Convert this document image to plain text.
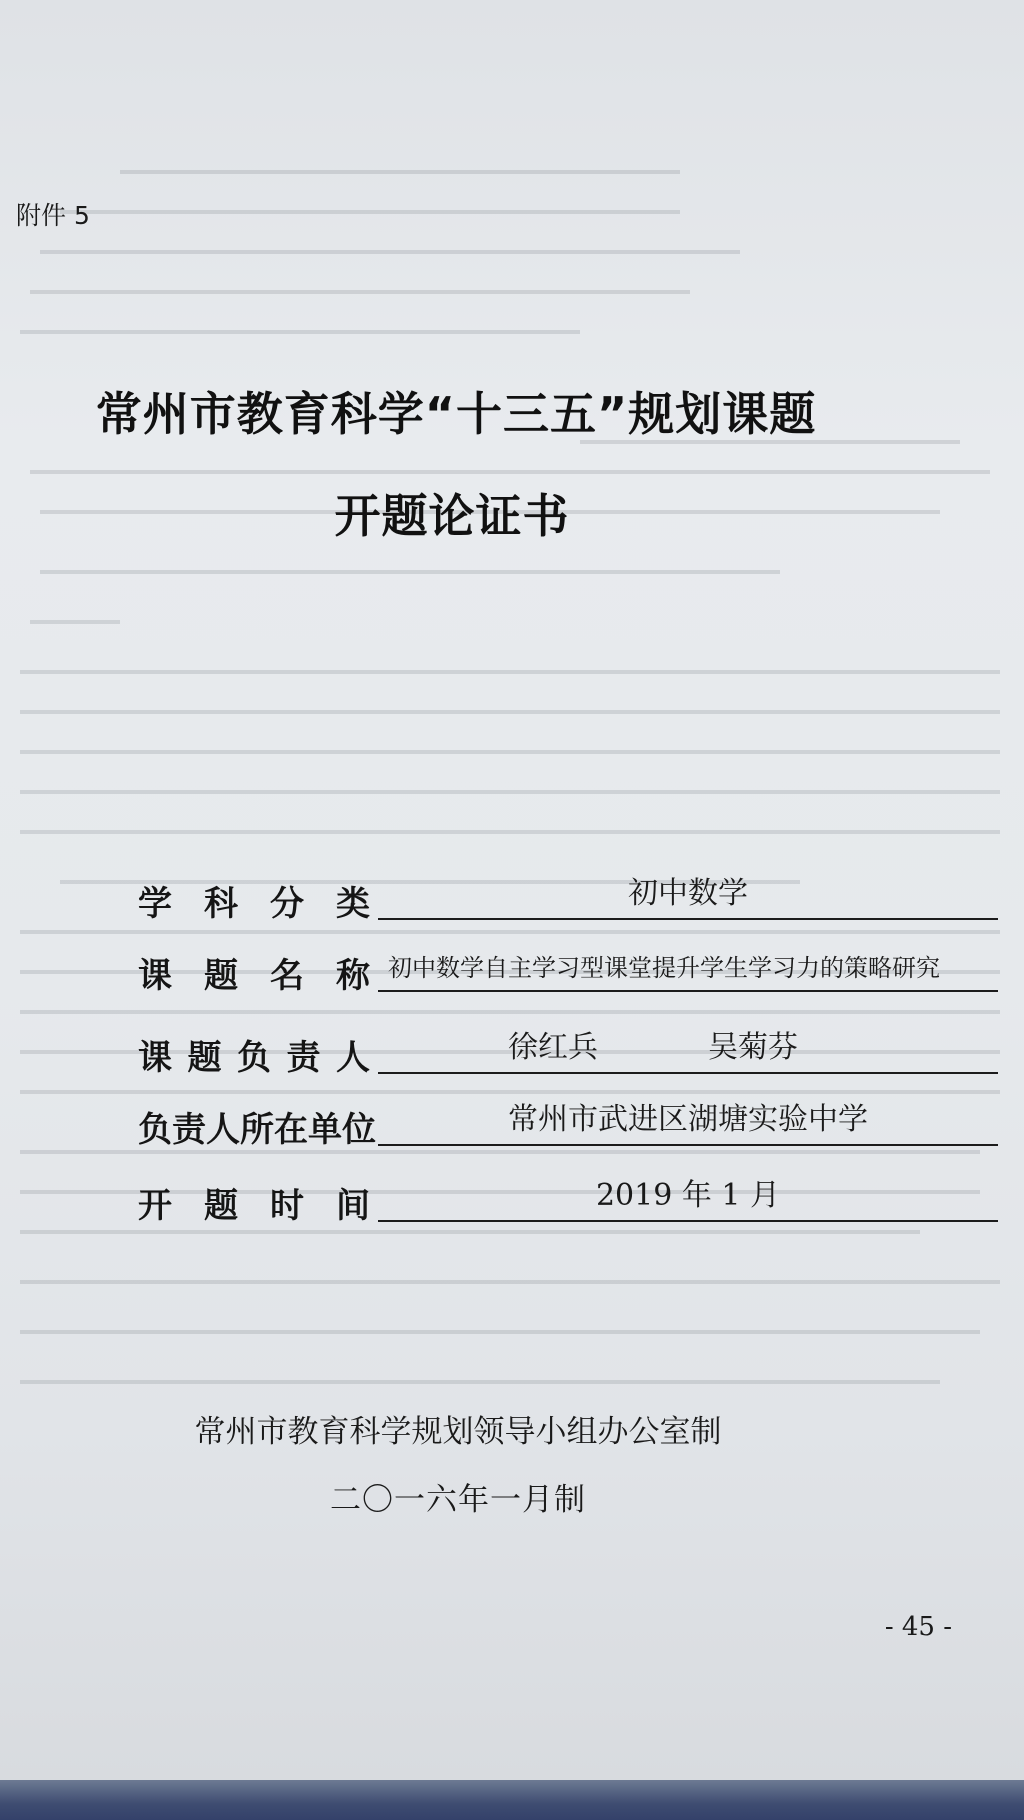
附件 5

常州市教育科学“十三五”规划课题
开题论证书
学 科 分 类	初中数学
课 题 名 称 初中数学自主学习型课堂提升学生学习力的策略研究
课题负责人	徐红兵	吴菊芬
负责人所在单位	常州市武进区湖塘实验中学
开 题 时 间	2019 年 1 月

常州市教育科学规划领导小组办公室制

二〇一六年一月制

- 45 -
